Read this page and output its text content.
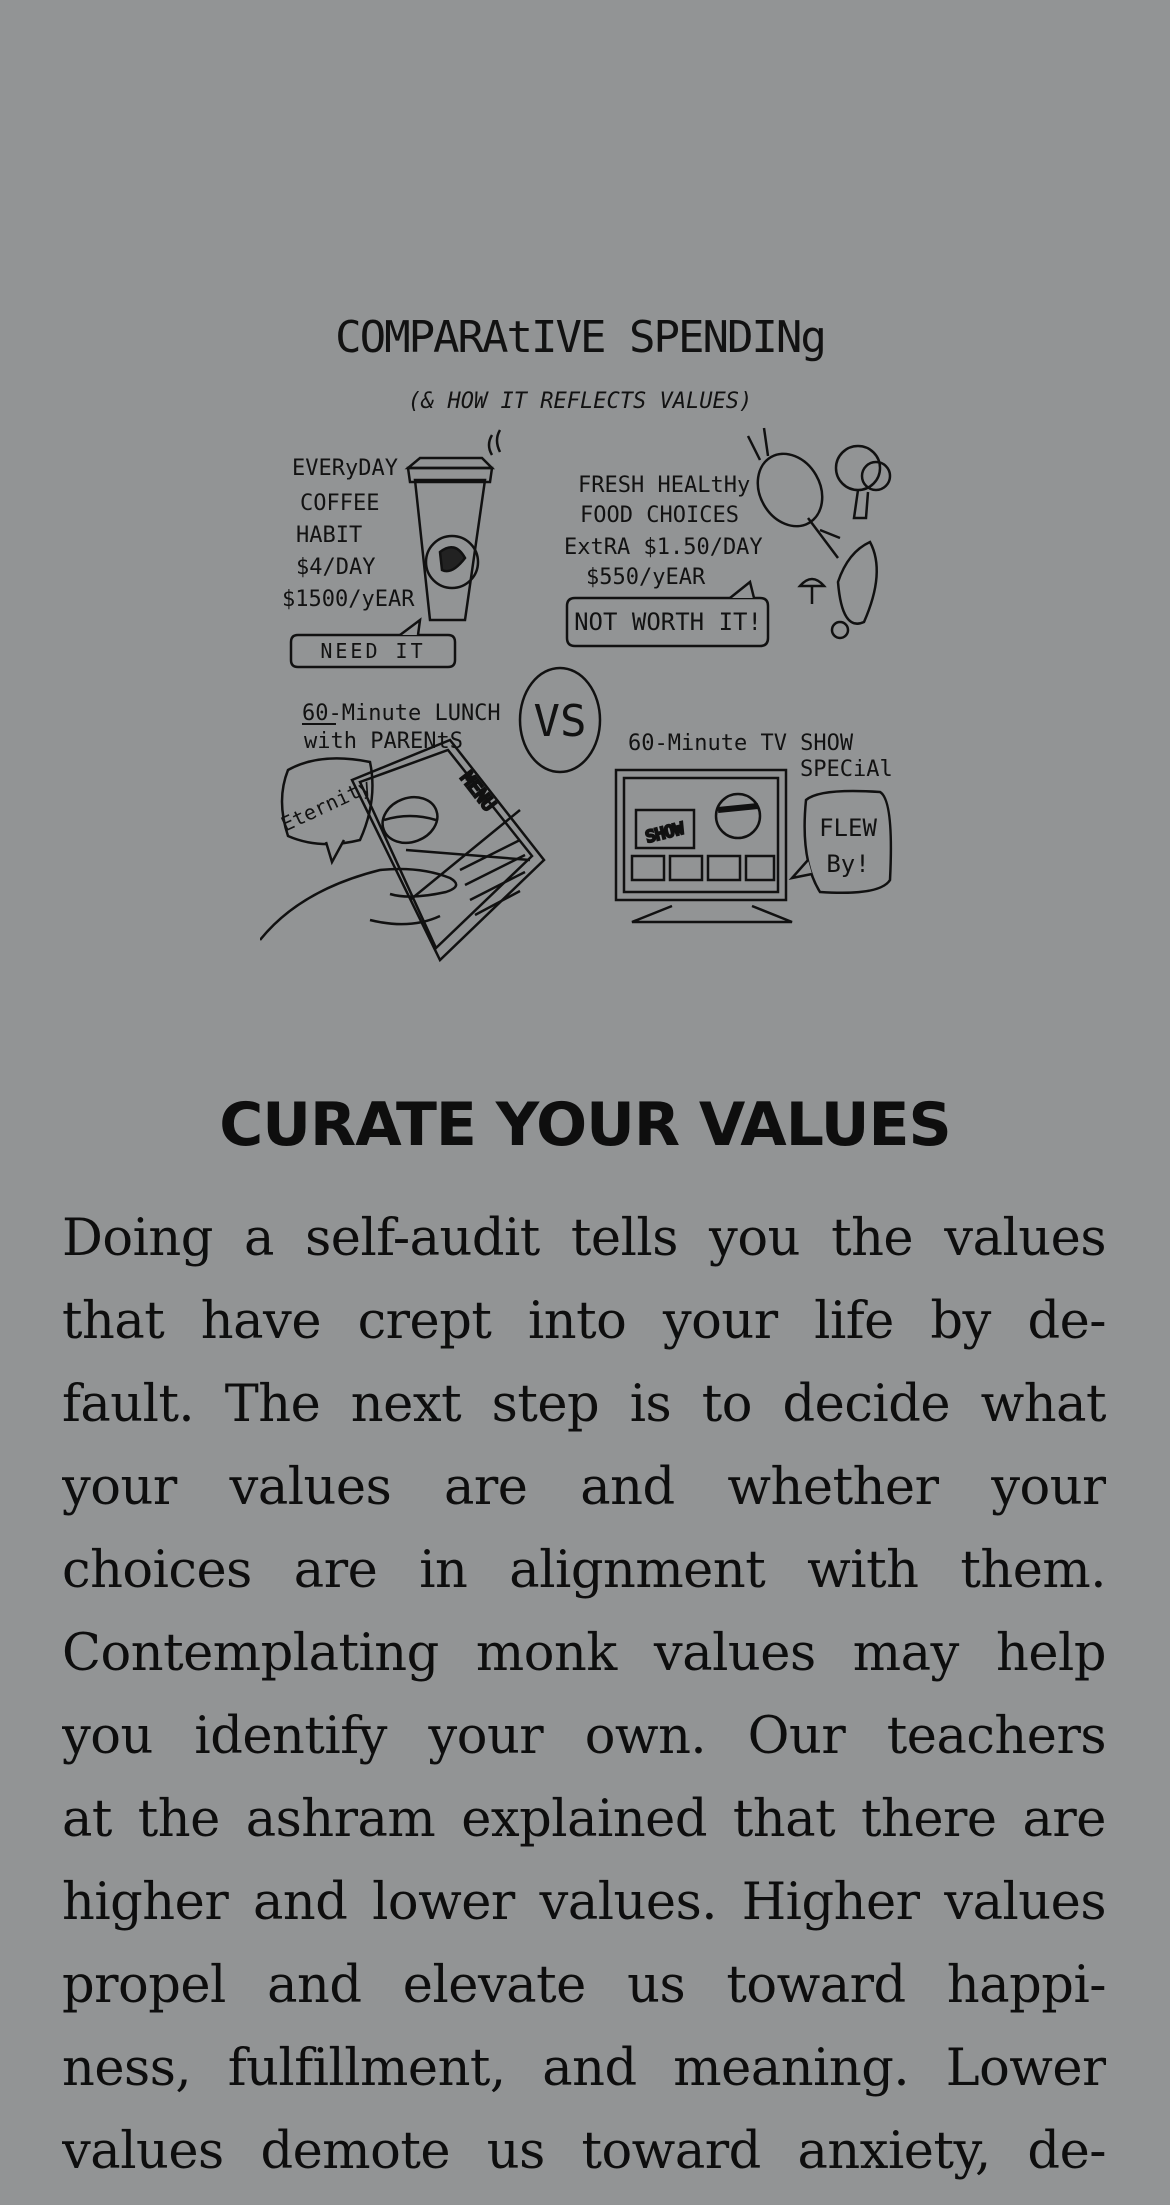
COMPARAtIVE SPENDINg
(& HOW IT REFLECTS VALUES)
EVERyDAY
COFFEE
HABIT
$4/DAY
$1500/yEAR
NEED IT
FRESH HEALtHy
FOOD CHOICES
ExtRA $1.50/DAY
$550/yEAR
NOT WORTH IT!
VS
60-Minute LUNCH
with PARENtS
Eternity	MENU
60-Minute TV SHOW
SPECiAl
SHOW	FLEW
By!
CURATE YOUR VALUES
Doing a self-audit tells you the values
that have crept into your life by de-
fault. The next step is to decide what
your values are and whether your
choices are in alignment with them.
Contemplating monk values may help
you identify your own. Our teachers
at the ashram explained that there are
higher and lower values. Higher values
propel and elevate us toward happi-
ness, fulfillment, and meaning. Lower
values demote us toward anxiety, de-
